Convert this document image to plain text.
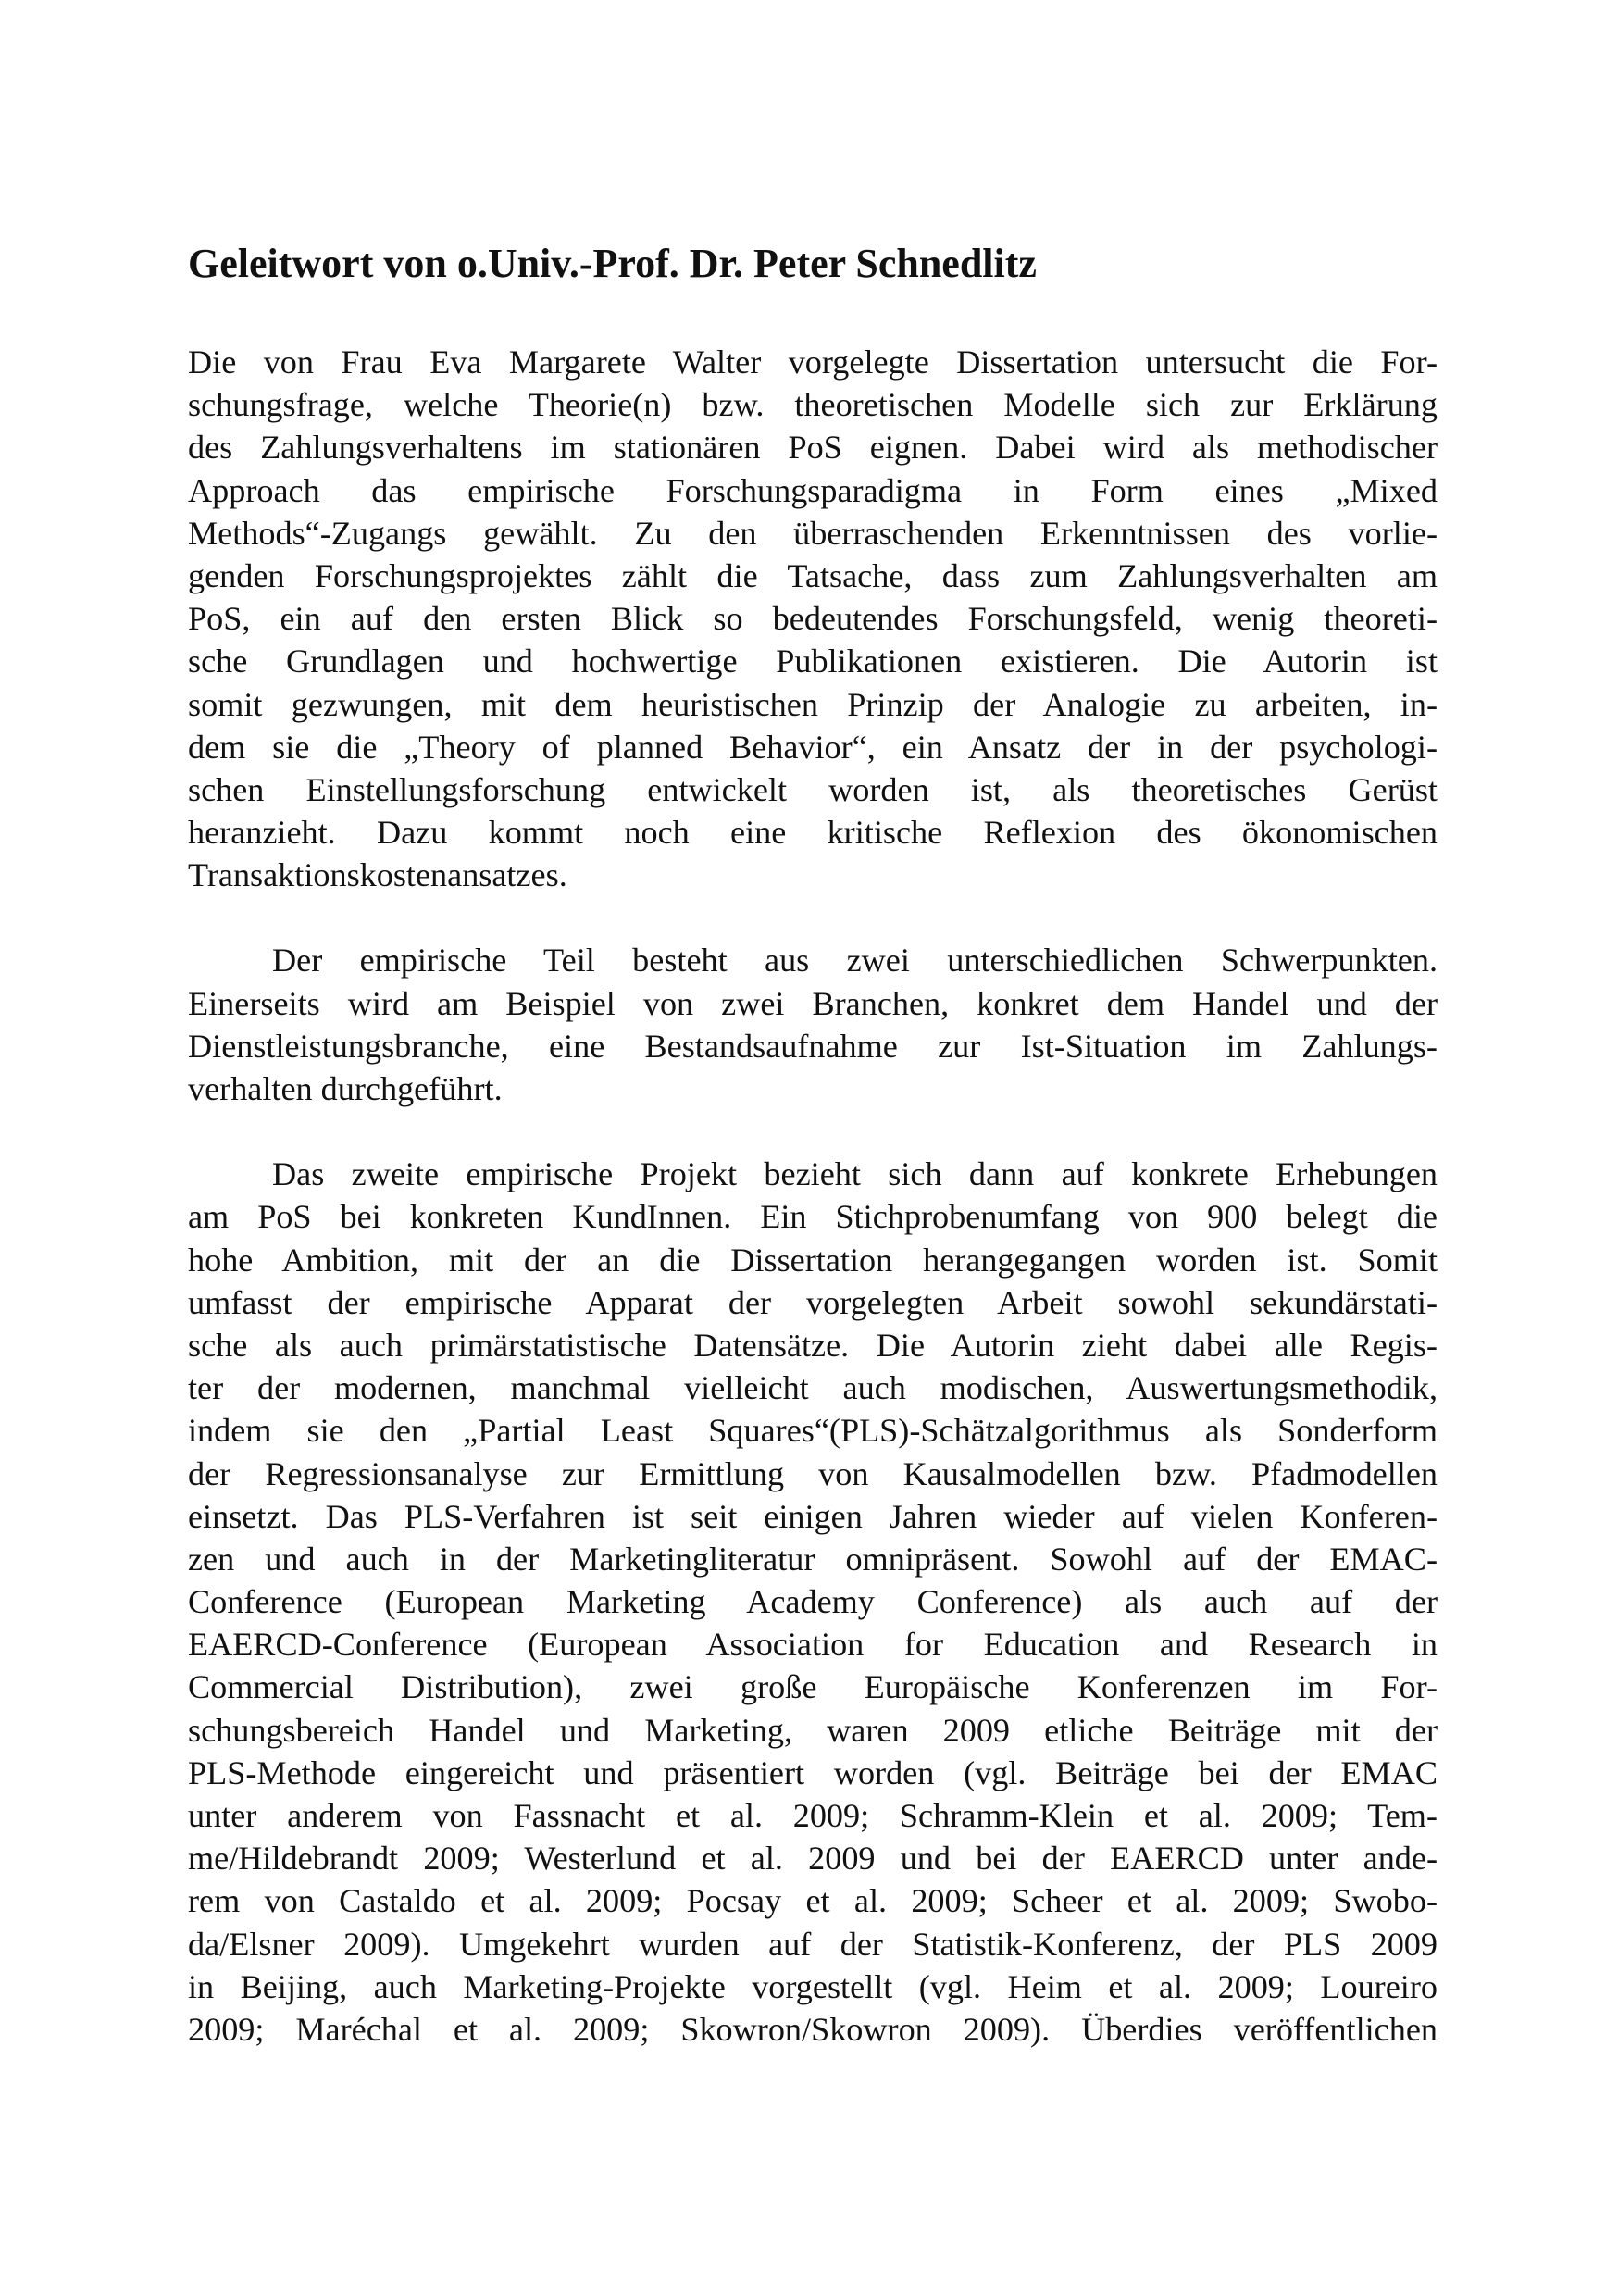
Geleitwort von o.Univ.-Prof. Dr. Peter Schnedlitz

Die von Frau Eva Margarete Walter vorgelegte Dissertation untersucht die For-
schungsfrage, welche Theorie(n) bzw. theoretischen Modelle sich zur Erklärung
des Zahlungsverhaltens im stationären PoS eignen. Dabei wird als methodischer
Approach das empirische Forschungsparadigma in Form eines „Mixed
Methods“-Zugangs gewählt. Zu den überraschenden Erkenntnissen des vorlie-
genden Forschungsprojektes zählt die Tatsache, dass zum Zahlungsverhalten am
PoS, ein auf den ersten Blick so bedeutendes Forschungsfeld, wenig theoreti-
sche Grundlagen und hochwertige Publikationen existieren. Die Autorin ist
somit gezwungen, mit dem heuristischen Prinzip der Analogie zu arbeiten, in-
dem sie die „Theory of planned Behavior“, ein Ansatz der in der psychologi-
schen Einstellungsforschung entwickelt worden ist, als theoretisches Gerüst
heranzieht. Dazu kommt noch eine kritische Reflexion des ökonomischen
Transaktionskostenansatzes.

Der empirische Teil besteht aus zwei unterschiedlichen Schwerpunkten.
Einerseits wird am Beispiel von zwei Branchen, konkret dem Handel und der
Dienstleistungsbranche, eine Bestandsaufnahme zur Ist-Situation im Zahlungs-
verhalten durchgeführt.

Das zweite empirische Projekt bezieht sich dann auf konkrete Erhebungen
am PoS bei konkreten KundInnen. Ein Stichprobenumfang von 900 belegt die
hohe Ambition, mit der an die Dissertation herangegangen worden ist. Somit
umfasst der empirische Apparat der vorgelegten Arbeit sowohl sekundärstati-
sche als auch primärstatistische Datensätze. Die Autorin zieht dabei alle Regis-
ter der modernen, manchmal vielleicht auch modischen, Auswertungsmethodik,
indem sie den „Partial Least Squares“(PLS)-Schätzalgorithmus als Sonderform
der Regressionsanalyse zur Ermittlung von Kausalmodellen bzw. Pfadmodellen
einsetzt. Das PLS-Verfahren ist seit einigen Jahren wieder auf vielen Konferen-
zen und auch in der Marketingliteratur omnipräsent. Sowohl auf der EMAC-
Conference (European Marketing Academy Conference) als auch auf der
EAERCD-Conference (European Association for Education and Research in
Commercial Distribution), zwei große Europäische Konferenzen im For-
schungsbereich Handel und Marketing, waren 2009 etliche Beiträge mit der
PLS-Methode eingereicht und präsentiert worden (vgl. Beiträge bei der EMAC
unter anderem von Fassnacht et al. 2009; Schramm-Klein et al. 2009; Tem-
me/Hildebrandt 2009; Westerlund et al. 2009 und bei der EAERCD unter ande-
rem von Castaldo et al. 2009; Pocsay et al. 2009; Scheer et al. 2009; Swobo-
da/Elsner 2009). Umgekehrt wurden auf der Statistik-Konferenz, der PLS 2009
in Beijing, auch Marketing-Projekte vorgestellt (vgl. Heim et al. 2009; Loureiro
2009; Maréchal et al. 2009; Skowron/Skowron 2009). Überdies veröffentlichen
